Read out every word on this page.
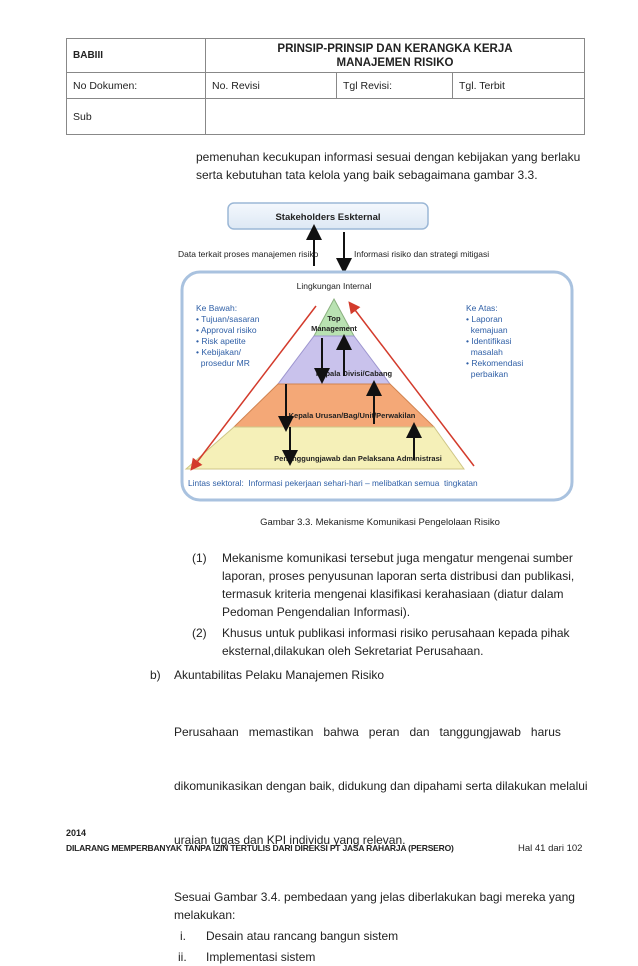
BABIII	PRINSIP-PRINSIP DAN KERANGKA KERJA
MANAJEMEN RISIKO		

No Dokumen:	No. Revisi	Tgl Revisi:	Tgl. Terbit
Sub			
pemenuhan kecukupan informasi sesuai dengan kebijakan yang berlaku
serta kebutuhan tata kelola yang baik sebagaimana gambar 3.3.
Stakeholders Eskternal
Data terkait proses manajemen risiko	Informasi risiko dan strategi mitigasi
Lingkungan Internal
Top
Management
Kepala Divisi/Cabang
Kepala Urusan/Bag/Unit/Perwakilan
Penanggungjawab dan Pelaksana Administrasi
Ke Bawah:
• Tujuan/sasaran
• Approval risiko
• Risk apetite
• Kebijakan/
prosedur MR
Ke Atas:
• Laporan
kemajuan
• Identifikasi
masalah
• Rekomendasi
perbaikan
Lintas sektoral:  Informasi pekerjaan sehari-hari – melibatkan semua  tingkatan
Gambar 3.3. Mekanisme Komunikasi Pengelolaan Risiko
(1) Mekanisme komunikasi tersebut juga mengatur mengenai sumber
laporan, proses penyusunan laporan serta distribusi dan publikasi,
termasuk kriteria mengenai klasifikasi kerahasiaan (diatur dalam
Pedoman Pengendalian Informasi).
(2) Khusus untuk publikasi informasi risiko perusahaan kepada pihak
eksternal,dilakukan oleh Sekretariat Perusahaan.
b) Akuntabilitas Pelaku Manajemen Risiko

Perusahaan   memastikan   bahwa   peran   dan   tanggungjawab   harus

dikomunikasikan dengan baik, didukung dan dipahami serta dilakukan melalui

uraian tugas dan KPI individu yang relevan.

Sesuai Gambar 3.4. pembedaan yang jelas diberlakukan bagi mereka yang
melakukan:
i. Desain atau rancang bangun sistem
ii. Implementasi sistem
2014
DILARANG MEMPERBANYAK TANPA IZIN TERTULIS DARI DIREKSI PT JASA RAHARJA (PERSERO)	Hal 41 dari 102
